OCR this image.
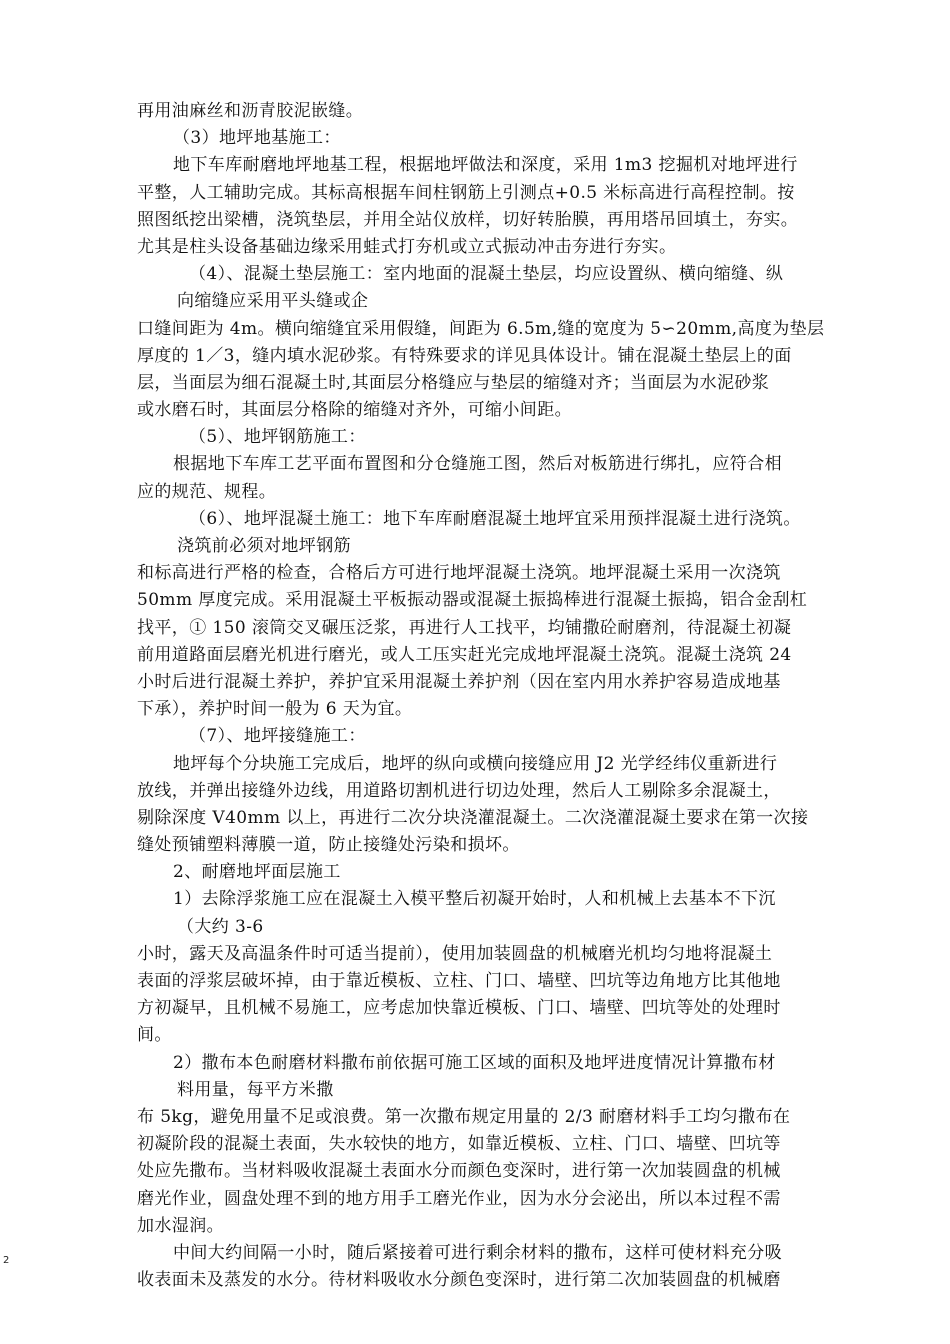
再用油麻丝和沥青胶泥嵌缝。
（3）地坪地基施工：
地下车库耐磨地坪地基工程，根据地坪做法和深度，采用 1m3 挖掘机对地坪进行
平整，人工辅助完成。其标高根据车间柱钢筋上引测点+0.5 米标高进行高程控制。按
照图纸挖出梁槽，浇筑垫层，并用全站仪放样，切好转胎膜，再用塔吊回填土，夯实。
尤其是柱头设备基础边缘采用蛙式打夯机或立式振动冲击夯进行夯实。
（4）、混凝土垫层施工：室内地面的混凝土垫层，均应设置纵、横向缩缝、纵
向缩缝应采用平头缝或企
口缝间距为 4m。横向缩缝宜采用假缝，间距为 6.5m,缝的宽度为 5∽20mm,高度为垫层
厚度的 1／3，缝内填水泥砂浆。有特殊要求的详见具体设计。铺在混凝土垫层上的面
层，当面层为细石混凝土时,其面层分格缝应与垫层的缩缝对齐；当面层为水泥砂浆
或水磨石时，其面层分格除的缩缝对齐外，可缩小间距。
（5）、地坪钢筋施工：
根据地下车库工艺平面布置图和分仓缝施工图，然后对板筋进行绑扎，应符合相
应的规范、规程。
（6）、地坪混凝土施工：地下车库耐磨混凝土地坪宜采用预拌混凝土进行浇筑。
浇筑前必须对地坪钢筋
和标高进行严格的检查，合格后方可进行地坪混凝土浇筑。地坪混凝土采用一次浇筑
50mm 厚度完成。采用混凝土平板振动器或混凝土振捣棒进行混凝土振捣，铝合金刮杠
找平，① 150 滚筒交叉碾压泛浆，再进行人工找平，均铺撒砼耐磨剂，待混凝土初凝
前用道路面层磨光机进行磨光，或人工压实赶光完成地坪混凝土浇筑。混凝土浇筑 24
小时后进行混凝土养护，养护宜采用混凝土养护剂（因在室内用水养护容易造成地基
下承），养护时间一般为 6 天为宜。
（7）、地坪接缝施工：
地坪每个分块施工完成后，地坪的纵向或横向接缝应用 J2 光学经纬仪重新进行
放线，并弹出接缝外边线，用道路切割机进行切边处理，然后人工剔除多余混凝土，
剔除深度 V40mm 以上，再进行二次分块浇灌混凝土。二次浇灌混凝土要求在第一次接
缝处预铺塑料薄膜一道，防止接缝处污染和损坏。
2、耐磨地坪面层施工
1）去除浮浆施工应在混凝土入模平整后初凝开始时，人和机械上去基本不下沉
（大约 3-6
小时，露天及高温条件时可适当提前），使用加装圆盘的机械磨光机均匀地将混凝土
表面的浮浆层破坏掉，由于靠近模板、立柱、门口、墙壁、凹坑等边角地方比其他地
方初凝早，且机械不易施工，应考虑加快靠近模板、门口、墙壁、凹坑等处的处理时
间。
2）撒布本色耐磨材料撒布前依据可施工区域的面积及地坪进度情况计算撒布材
料用量，每平方米撒
布 5kg，避免用量不足或浪费。第一次撒布规定用量的 2/3 耐磨材料手工均匀撒布在
初凝阶段的混凝土表面，失水较快的地方，如靠近模板、立柱、门口、墙壁、凹坑等
处应先撒布。当材料吸收混凝土表面水分而颜色变深时，进行第一次加装圆盘的机械
磨光作业，圆盘处理不到的地方用手工磨光作业，因为水分会泌出，所以本过程不需
加水湿润。
中间大约间隔一小时，随后紧接着可进行剩余材料的撒布，这样可使材料充分吸
收表面未及蒸发的水分。待材料吸收水分颜色变深时，进行第二次加装圆盘的机械磨
2
